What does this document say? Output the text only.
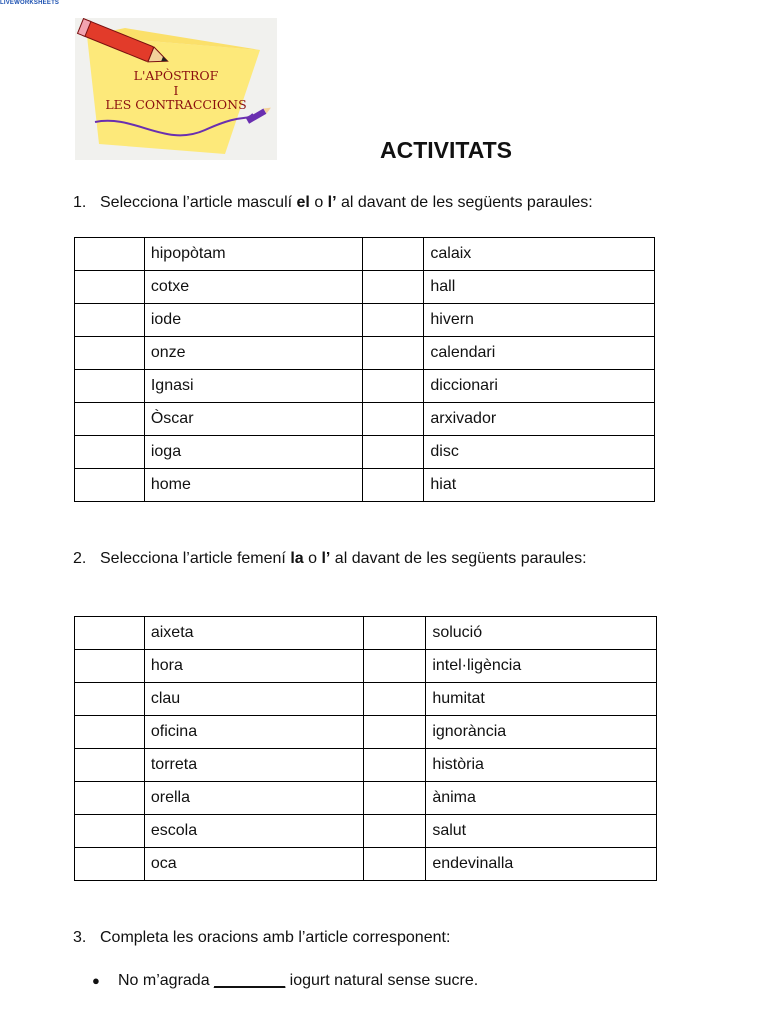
LIVEWORKSHEETS
L'APÒSTROF
I
LES CONTRACCIONS
ACTIVITATS
1. Selecciona l’article masculí el o l’ al davant de les següents paraules:
	hipopòtam		calaix
	cotxe		hall
	iode		hivern
	onze		calendari
	Ignasi		diccionari
	Òscar		arxivador
	ioga		disc
	home		hiat
2. Selecciona l’article femení la o l’ al davant de les següents paraules:
	aixeta		solució
	hora		intel·ligència
	clau		humitat
	oficina		ignorància
	torreta		història
	orella		ànima
	escola		salut
	oca		endevinalla
3. Completa les oracions amb l’article corresponent:
● No m’agrada ________ iogurt natural sense sucre.
